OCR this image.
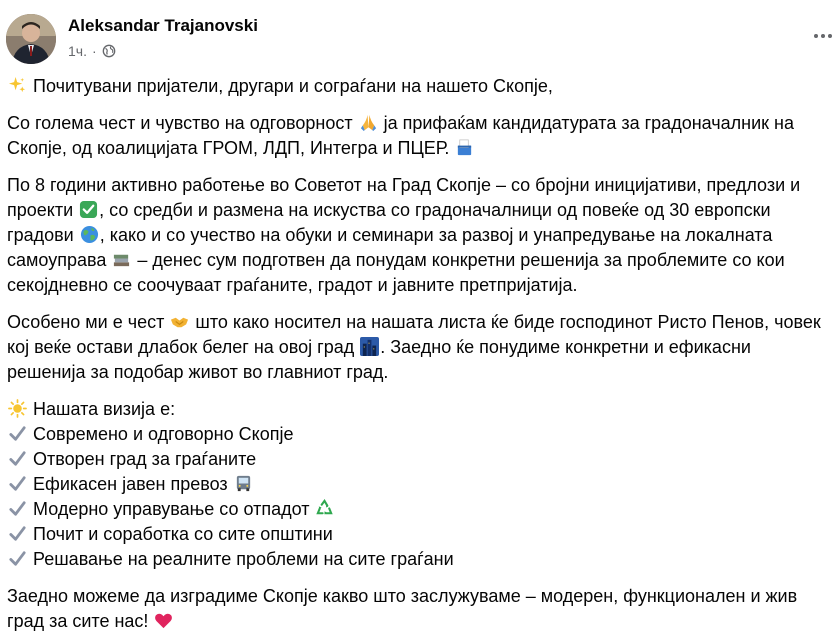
Aleksandar Trajanovski
1ч. ·

Почитувани пријатели, другари и сограѓани на нашето Скопје,

Со голема чест и чувство на одговорност ја прифаќам кандидатурата за градоначалник на
Скопје, од коалицијата ГРОМ, ЛДП, Интегра и ПЦЕР.

По 8 години активно работење во Советот на Град Скопје – со бројни иницијативи, предлози и
проекти , со средби и размена на искуства со градоначалници од повеќе од 30 европски
градови , како и со учество на обуки и семинари за развој и унапредување на локалната
самоуправа – денес сум подготвен да понудам конкретни решенија за проблемите со кои
секојдневно се соочуваат граѓаните, градот и јавните претпријатија.

Особено ми е чест што како носител на нашата листа ќе биде господинот Ристо Пенов, човек
кој веќе остави длабок белег на овој град . Заедно ќе понудиме конкретни и ефикасни
решенија за подобар живот во главниот град.

Нашата визија е:
Современо и одговорно Скопје
Отворен град за граѓаните
Ефикасен јавен превоз
Модерно управување со отпадот
Почит и соработка со сите општини
Решавање на реалните проблеми на сите граѓани

Заедно можеме да изградиме Скопје какво што заслужуваме – модерен, функционален и жив
град за сите нас!
